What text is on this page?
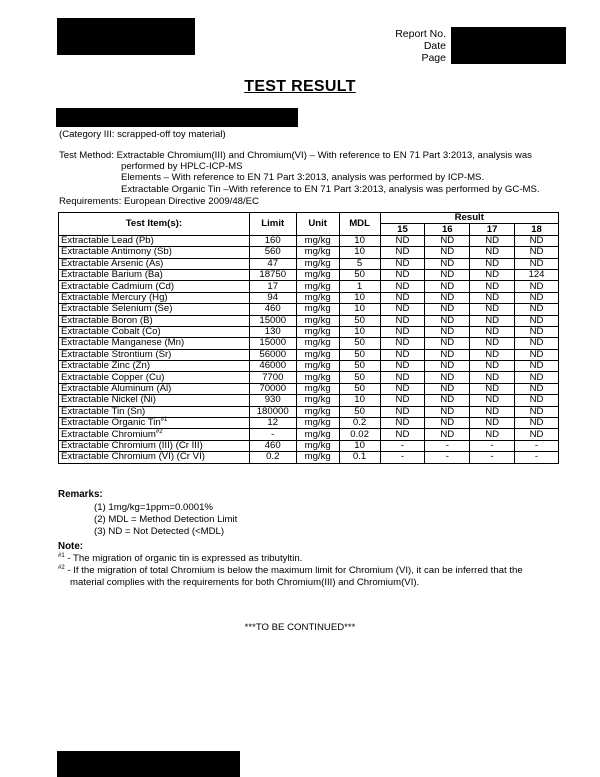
Report No.
Date
Page
TEST RESULT
(Category III: scrapped-off toy material)
Test Method: Extractable Chromium(III) and Chromium(VI) – With reference to EN 71 Part 3:2013, analysis was
performed by HPLC-ICP-MS
Elements – With reference to EN 71 Part 3:2013, analysis was performed by ICP-MS.
Extractable Organic Tin –With reference to EN 71 Part 3:2013, analysis was performed by GC-MS.
Requirements: European Directive 2009/48/EC
Test Item(s):	Limit	Unit	MDL	Result			
				15	16	17	18
Extractable Lead (Pb)	160	mg/kg	10	ND	ND	ND	ND
Extractable Antimony (Sb)	560	mg/kg	10	ND	ND	ND	ND
Extractable Arsenic (As)	47	mg/kg	5	ND	ND	ND	ND
Extractable Barium (Ba)	18750	mg/kg	50	ND	ND	ND	124
Extractable Cadmium (Cd)	17	mg/kg	1	ND	ND	ND	ND
Extractable Mercury (Hg)	94	mg/kg	10	ND	ND	ND	ND
Extractable Selenium (Se)	460	mg/kg	10	ND	ND	ND	ND
Extractable Boron (B)	15000	mg/kg	50	ND	ND	ND	ND
Extractable Cobalt (Co)	130	mg/kg	10	ND	ND	ND	ND
Extractable Manganese (Mn)	15000	mg/kg	50	ND	ND	ND	ND
Extractable Strontium (Sr)	56000	mg/kg	50	ND	ND	ND	ND
Extractable Zinc (Zn)	46000	mg/kg	50	ND	ND	ND	ND
Extractable Copper (Cu)	7700	mg/kg	50	ND	ND	ND	ND
Extractable Aluminum (Al)	70000	mg/kg	50	ND	ND	ND	ND
Extractable Nickel (Ni)	930	mg/kg	10	ND	ND	ND	ND
Extractable Tin (Sn)	180000	mg/kg	50	ND	ND	ND	ND
Extractable Organic Tin$^{\#1}$	12	mg/kg	0.2	ND	ND	ND	ND
Extractable Chromium$^{\#2}$	-	mg/kg	0.02	ND	ND	ND	ND
Extractable Chromium (III) (Cr III)	460	mg/kg	10	-	-	-	-
Extractable Chromium (VI) (Cr VI)	0.2	mg/kg	0.1	-	-	-	-
Remarks:
(1) 1mg/kg=1ppm=0.0001%
(2) MDL = Method Detection Limit
(3) ND = Not Detected (<MDL)
Note:
$^{\#1}$ - The migration of organic tin is expressed as tributyltin.
$^{\#2}$ - If the migration of total Chromium is below the maximum limit for Chromium (VI), it can be inferred that the
material complies with the requirements for both Chromium(III) and Chromium(VI).
***TO BE CONTINUED***
